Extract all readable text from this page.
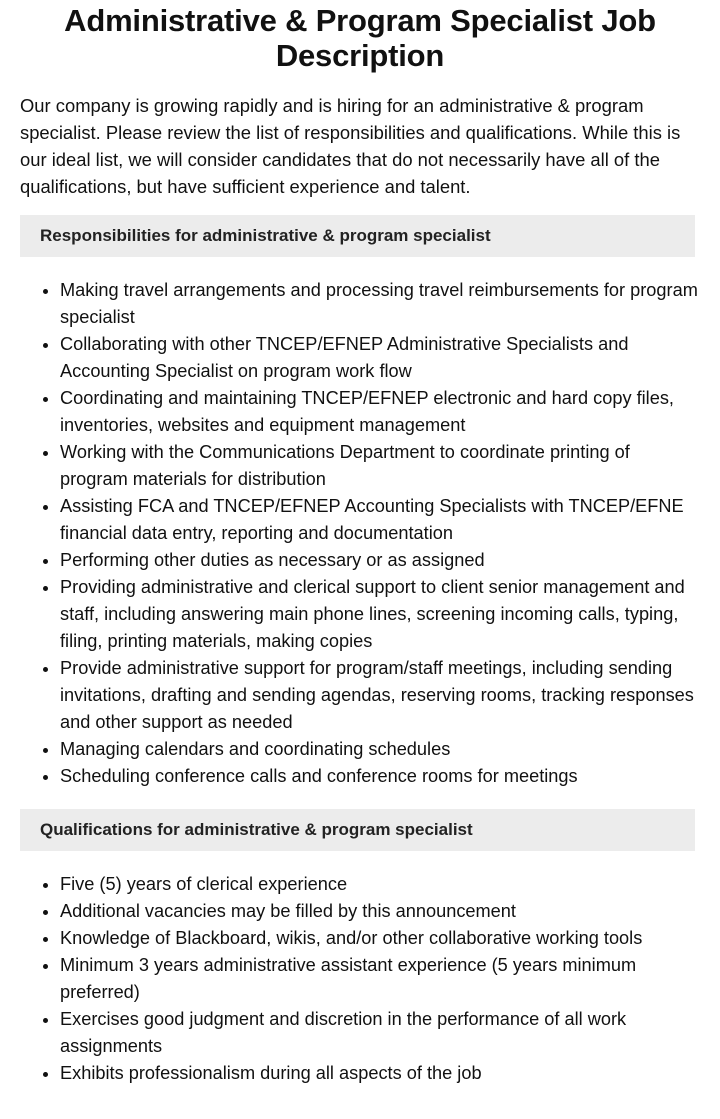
Administrative & Program Specialist Job Description

Our company is growing rapidly and is hiring for an administrative & program specialist. Please review the list of responsibilities and qualifications. While this is our ideal list, we will consider candidates that do not necessarily have all of the qualifications, but have sufficient experience and talent.

Responsibilities for administrative & program specialist
• Making travel arrangements and processing travel reimbursements for program specialist
• Collaborating with other TNCEP/EFNEP Administrative Specialists and Accounting Specialist on program work flow
• Coordinating and maintaining TNCEP/EFNEP electronic and hard copy files, inventories, websites and equipment management
• Working with the Communications Department to coordinate printing of program materials for distribution
• Assisting FCA and TNCEP/EFNEP Accounting Specialists with TNCEP/EFNE financial data entry, reporting and documentation
• Performing other duties as necessary or as assigned
• Providing administrative and clerical support to client senior management and staff, including answering main phone lines, screening incoming calls, typing, filing, printing materials, making copies
• Provide administrative support for program/staff meetings, including sending invitations, drafting and sending agendas, reserving rooms, tracking responses and other support as needed
• Managing calendars and coordinating schedules
• Scheduling conference calls and conference rooms for meetings
Qualifications for administrative & program specialist
• Five (5) years of clerical experience
• Additional vacancies may be filled by this announcement
• Knowledge of Blackboard, wikis, and/or other collaborative working tools
• Minimum 3 years administrative assistant experience (5 years minimum preferred)
• Exercises good judgment and discretion in the performance of all work assignments
• Exhibits professionalism during all aspects of the job
